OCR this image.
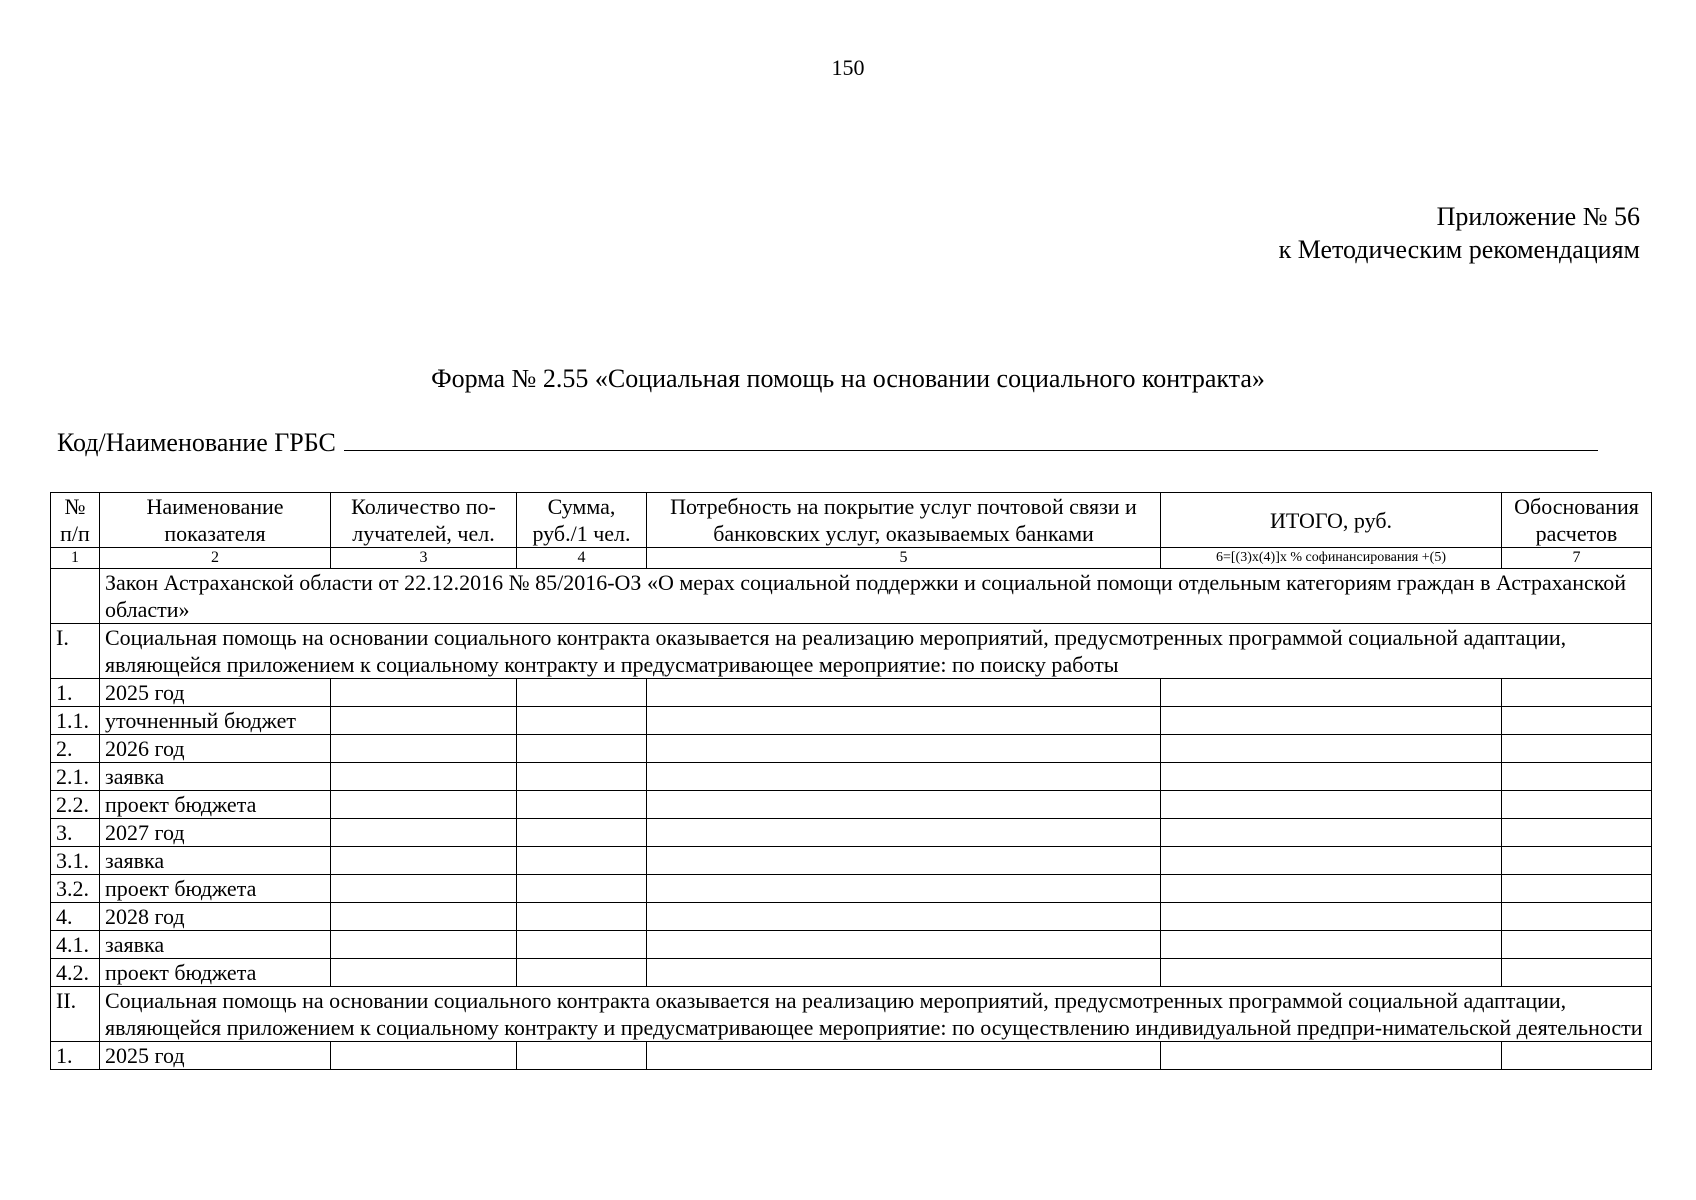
150
Приложение № 56
к Методическим рекомендациям
Форма № 2.55 «Социальная помощь на основании социального контракта»
Код/Наименование ГРБС
№ п/п	Наименование показателя	Количество по-лучателей, чел.	Сумма, руб./1 чел.	Потребность на покрытие услуг почтовой связи и банковских услуг, оказываемых банками	ИТОГО, руб.	Обоснования расчетов
1	2	3	4	5	6=[(3)x(4)]x % софинансирования +(5)	7
	Закон Астраханской области от 22.12.2016 № 85/2016-ОЗ «О мерах социальной поддержки и социальной помощи отдельным категориям граждан в Астраханской области»					
I.	Социальная помощь на основании социального контракта оказывается на реализацию мероприятий, предусмотренных программой социальной адаптации, являющейся приложением к социальному контракту и предусматривающее мероприятие: по поиску работы					
1.	2025 год					
1.1.	уточненный бюджет					
2.	2026 год					
2.1.	заявка					
2.2.	проект бюджета					
3.	2027 год					
3.1.	заявка					
3.2.	проект бюджета					
4.	2028 год					
4.1.	заявка					
4.2.	проект бюджета					
II.	Социальная помощь на основании социального контракта оказывается на реализацию мероприятий, предусмотренных программой социальной адаптации, являющейся приложением к социальному контракту и предусматривающее мероприятие: по осуществлению индивидуальной предпри-нимательской деятельности					
1.	2025 год					
